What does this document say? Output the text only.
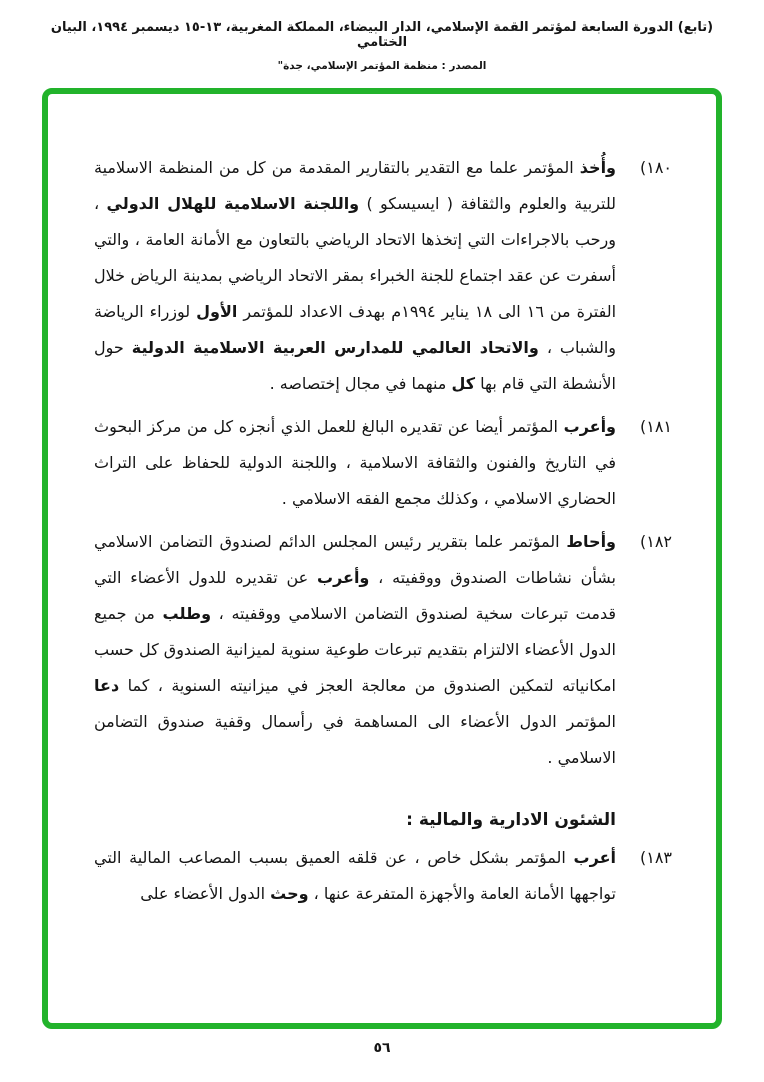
(تابع) الدورة السابعة لمؤتمر القمة الإسلامي، الدار البيضاء، المملكة المغربية، ١٣-١٥ ديسمبر ١٩٩٤، البيان الختامي
المصدر : منظمة المؤتمر الإسلامي، جدة"
١٨٠)
وأُخذ المؤتمر علما مع التقدير بالتقارير المقدمة من كل من المنظمة الاسلامية للتربية والعلوم والثقافة ( ايسيسكو ) واللجنة الاسلامية للهلال الدولي ، ورحب بالاجراءات التي إتخذها الاتحاد الرياضي بالتعاون مع الأمانة العامة ، والتي أسفرت عن عقد اجتماع للجنة الخبراء بمقر الاتحاد الرياضي بمدينة الرياض خلال الفترة من ١٦ الى ١٨ يناير ١٩٩٤م بهدف الاعداد للمؤتمر الأول لوزراء الرياضة والشباب ، والاتحاد العالمي للمدارس العربية الاسلامية الدولية حول الأنشطة التي قام بها كل منهما في مجال إختصاصه .
١٨١)
وأعرب المؤتمر أيضا عن تقديره البالغ للعمل الذي أنجزه كل من مركز البحوث في التاريخ والفنون والثقافة الاسلامية ، واللجنة الدولية للحفاظ على التراث الحضاري الاسلامي ، وكذلك مجمع الفقه الاسلامي .
١٨٢)
وأحاط المؤتمر علما بتقرير رئيس المجلس الدائم لصندوق التضامن الاسلامي بشأن نشاطات الصندوق ووقفيته ، وأعرب عن تقديره للدول الأعضاء التي قدمت تبرعات سخية لصندوق التضامن الاسلامي ووقفيته ، وطلب من جميع الدول الأعضاء الالتزام بتقديم تبرعات طوعية سنوية لميزانية الصندوق كل حسب امكانياته لتمكين الصندوق من معالجة العجز في ميزانيته السنوية ، كما دعا المؤتمر الدول الأعضاء الى المساهمة في رأسمال وقفية صندوق التضامن الاسلامي .
الشئون الادارية والمالية :
١٨٣)
أعرب المؤتمر بشكل خاص ، عن قلقه العميق بسبب المصاعب المالية التي تواجهها الأمانة العامة والأجهزة المتفرعة عنها ، وحث الدول الأعضاء على
٥٦
